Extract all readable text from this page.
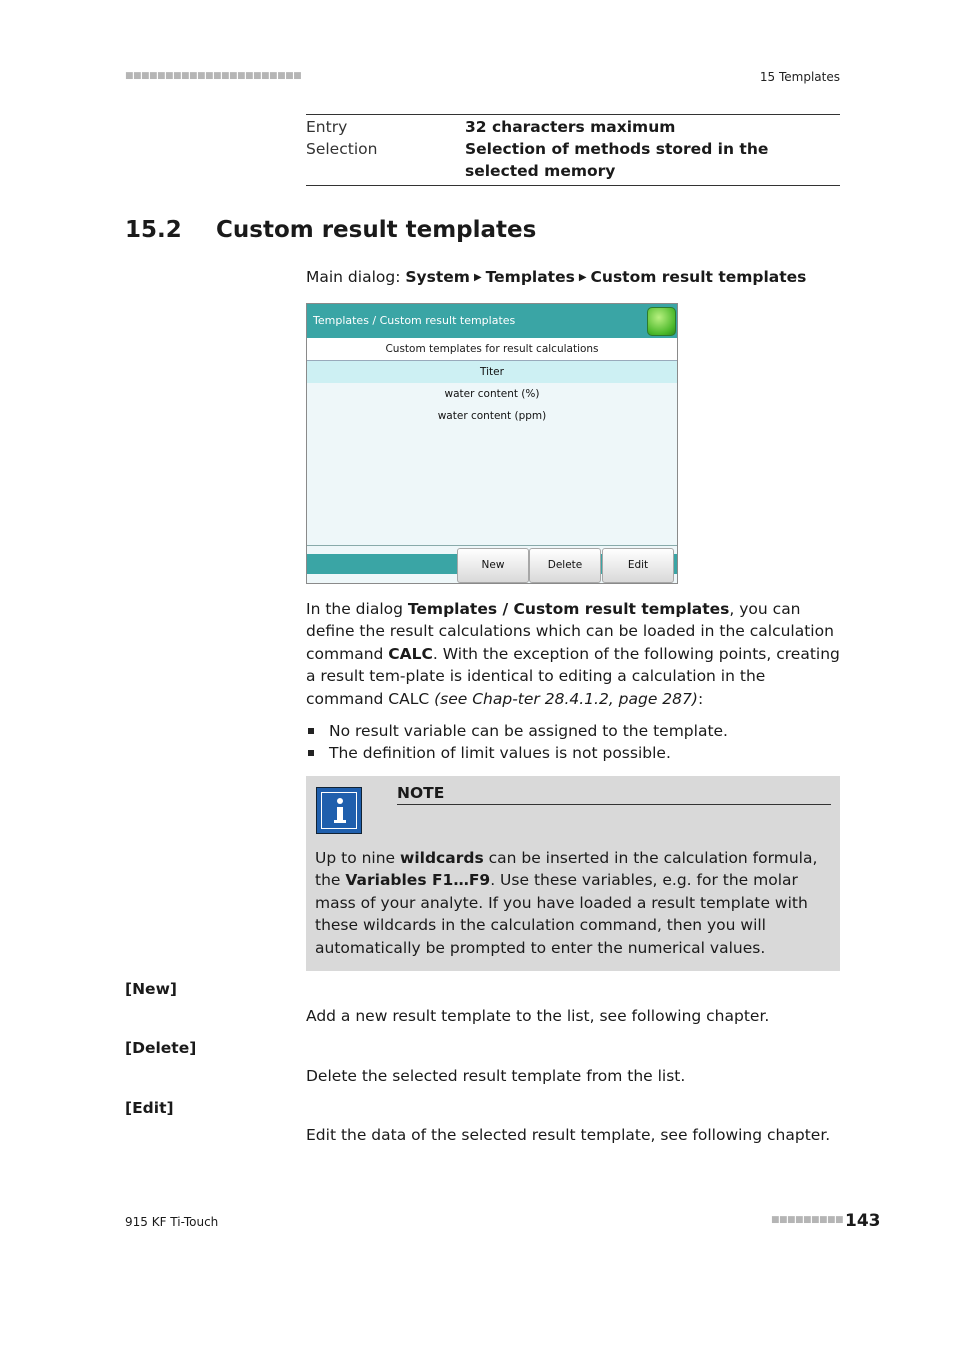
■■■■■■■■■■■■■■■■■■■■■■	15 Templates
Entry	32 characters maximum
Selection	Selection of methods stored in the selected memory
15.2 Custom result templates
Main dialog: System ▶ Templates ▶ Custom result templates
Templates / Custom result templates
Custom templates for result calculations
Titer
water content (%)
water content (ppm)
New	Delete	Edit
In the dialog Templates / Custom result templates, you can define the result calculations which can be loaded in the calculation command CALC. With the exception of the following points, creating a result tem-plate is identical to editing a calculation in the command CALC (see Chap-ter 28.4.1.2, page 287):
No result variable can be assigned to the template.
The definition of limit values is not possible.
NOTE
Up to nine wildcards can be inserted in the calculation formula, the Variables F1…F9. Use these variables, e.g. for the molar mass of your analyte. If you have loaded a result template with these wildcards in the calculation command, then you will automatically be prompted to enter the numerical values.
[New]
Add a new result template to the list, see following chapter.
[Delete]
Delete the selected result template from the list.
[Edit]
Edit the data of the selected result template, see following chapter.
915 KF Ti-Touch	■■■■■■■■■ 143
